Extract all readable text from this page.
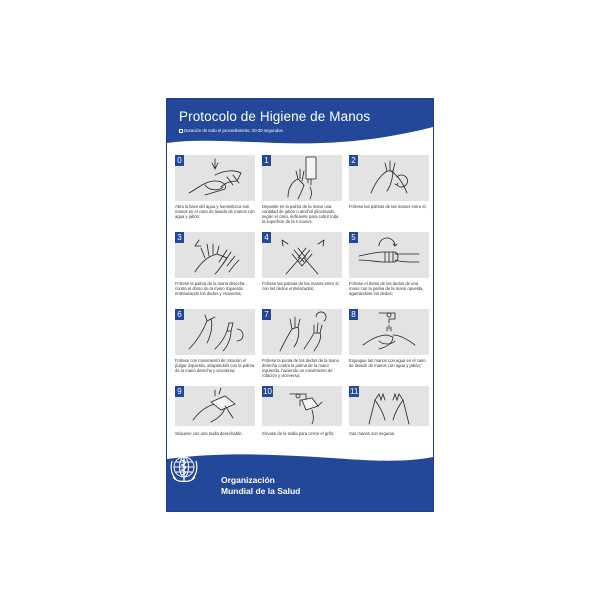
Protocolo de Higiene de Manos
Duración de todo el procedimiento: 20-30 segundos.
0
Abra la llave del agua y humedezca sus manos en el caso de lavado de manos con agua y jabón;
1
Deposite en la palma de la mano una cantidad de jabón o alcohol glicerinado según el caso, suficiente para cubrir toda la superficie de la s manos.
2
Frótese las palmas de las manos entre sí;
3
Frótese la palma de la mano derecha contra el dorso de la mano izquierda entrelazando los dedos y viceversa;
4
Frótese las palmas de las manos entre sí, con los dedos entrelazados;
5
Frótese el dorso de los dedos de una mano con la palma de la mano opuesta, agarrándose los dedos;
6
Frótese con movimiento de rotación el pulgar izquierdo, atrapándolo con la palma de la mano derecha y viceversa;
7
Frótese la punta de los dedos de la mano derecha contra la palma de la mano izquierda, haciendo un movimiento de rotación y viceversa;
8
Enjuague las manos con agua en el caso de lavado de manos con agua y jabón;
9
Séquese con una toalla desechable;
10
Sírvase de la toalla para cerrar el grifo;
11
Sus manos son seguras.
Organización
Mundial de la Salud
